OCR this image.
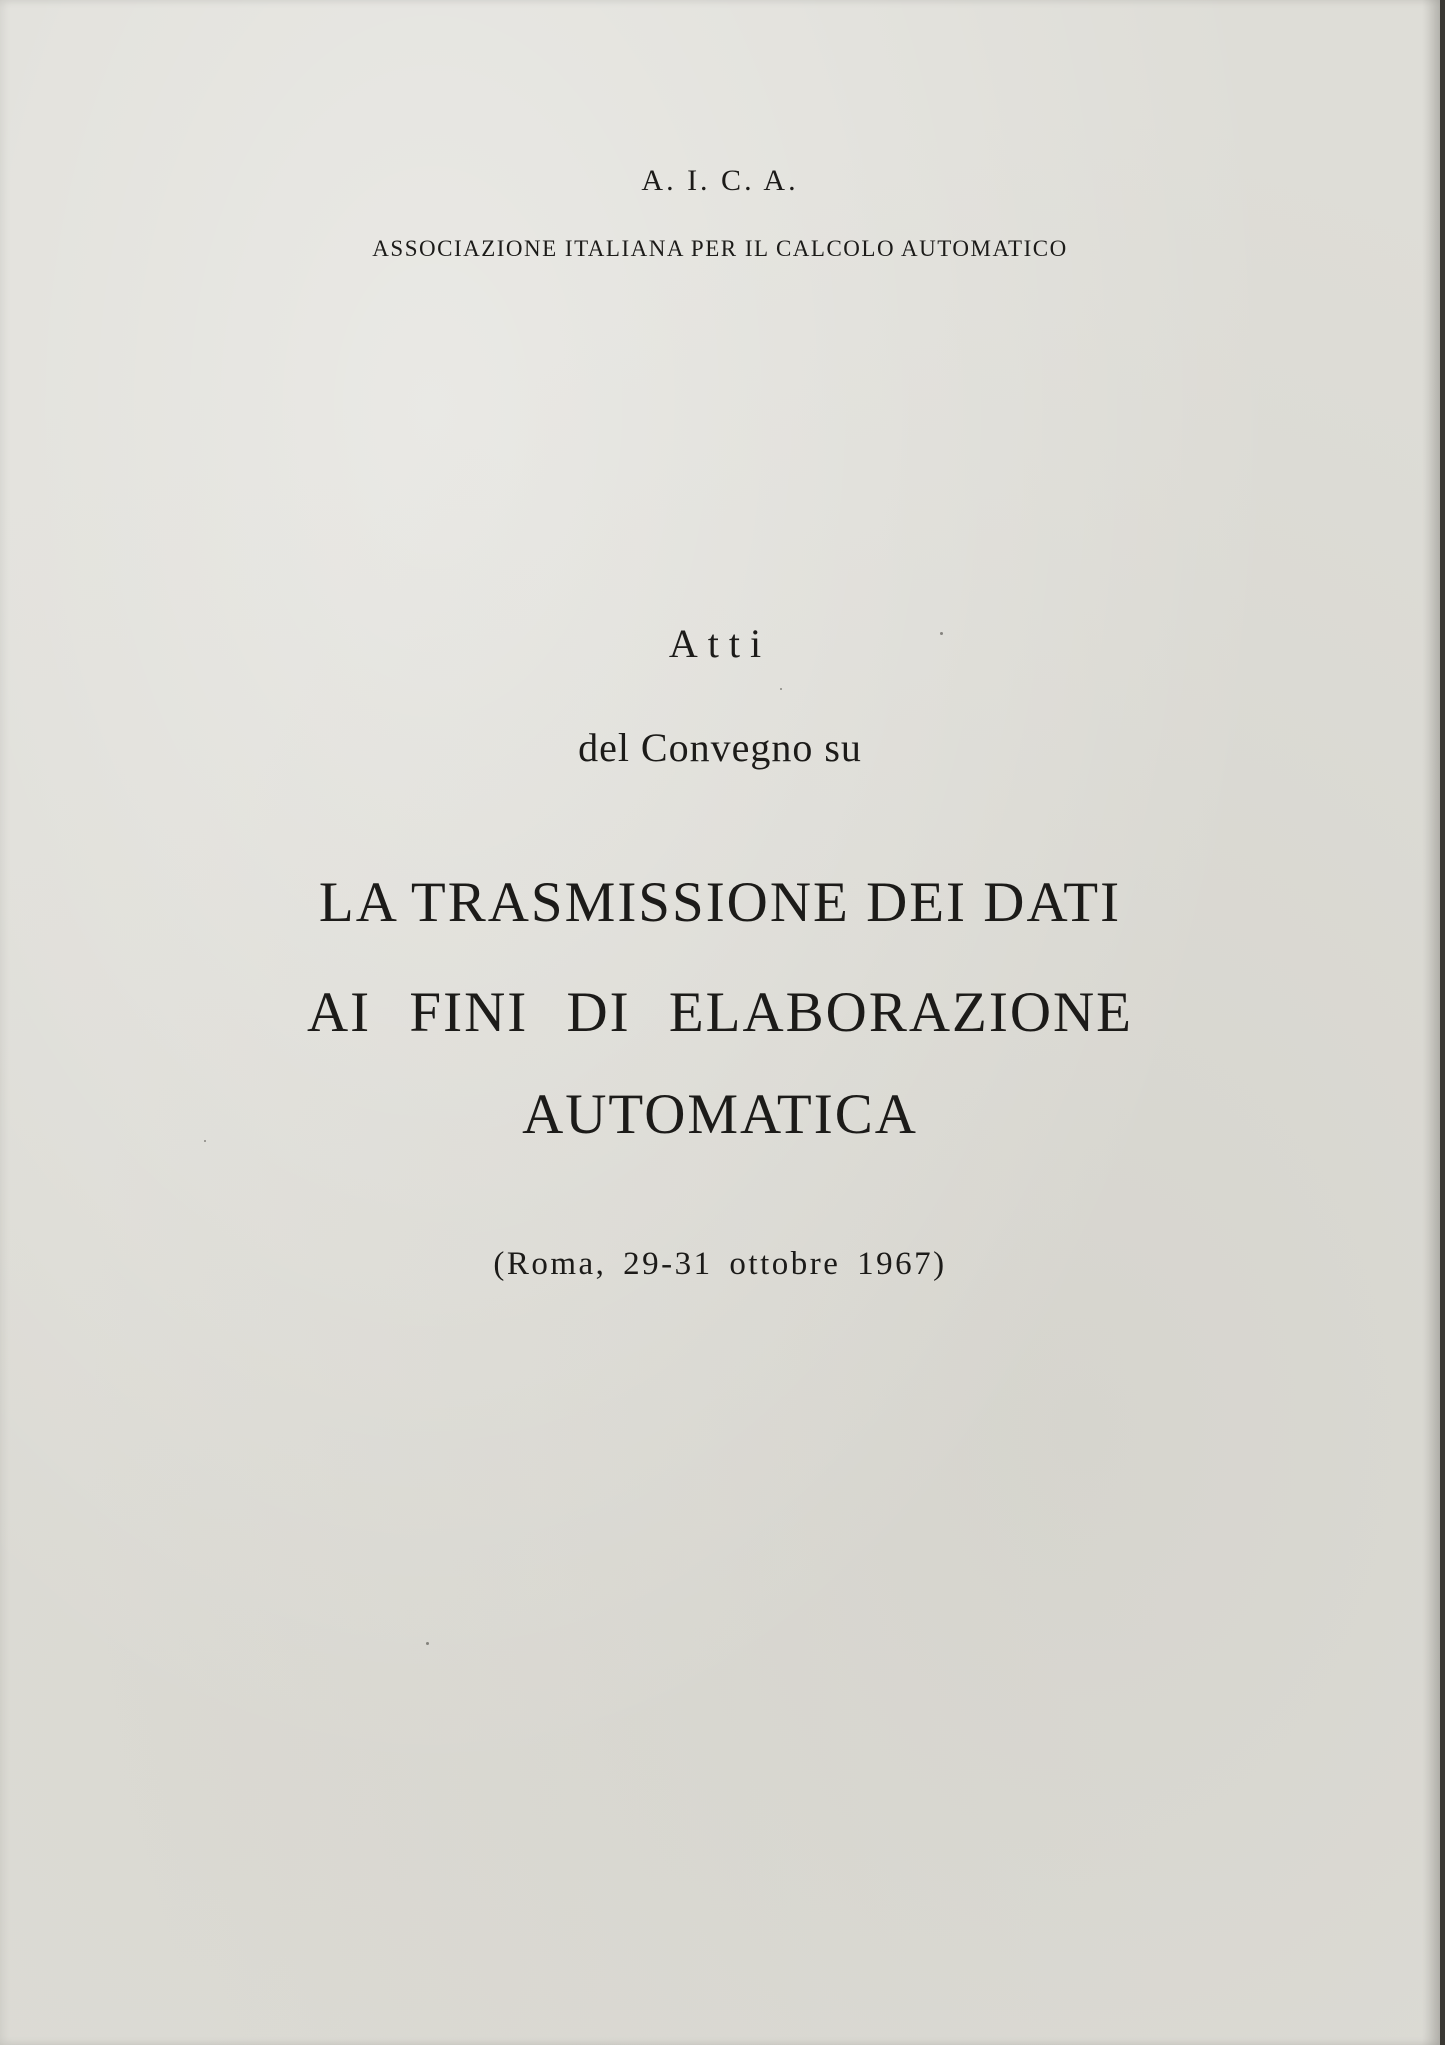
A. I. C. A.
ASSOCIAZIONE ITALIANA PER IL CALCOLO AUTOMATICO
Atti
del Convegno su
LA TRASMISSIONE DEI DATI
AI FINI DI ELABORAZIONE
AUTOMATICA
(Roma, 29-31 ottobre 1967)
